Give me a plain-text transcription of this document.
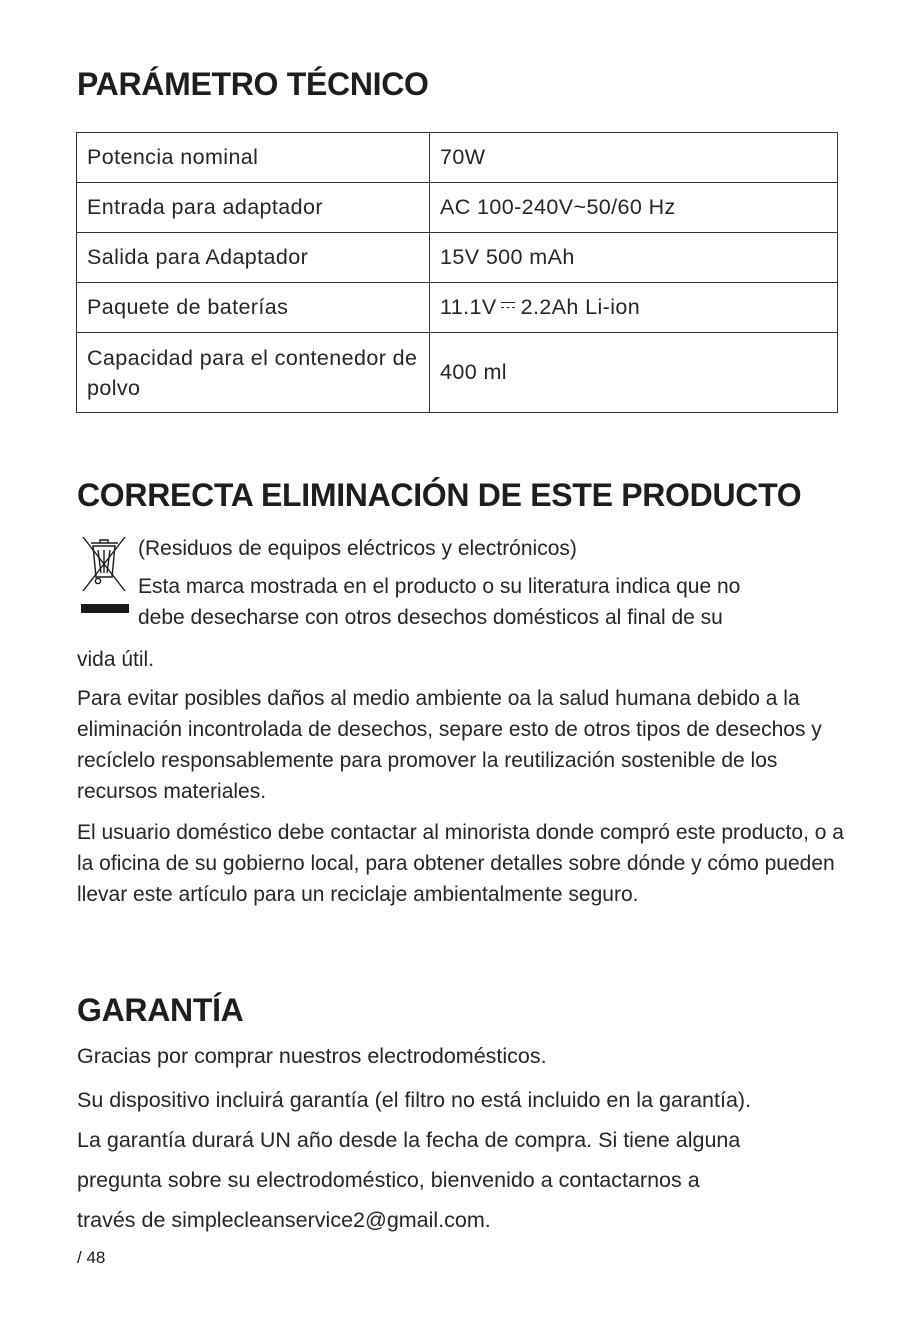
PARÁMETRO TÉCNICO
Potencia nominal	70W
Entrada para adaptador	AC 100-240V~50/60 Hz
Salida para Adaptador	15V 500 mAh
Paquete de baterías	11.1V 2.2Ah Li-ion
Capacidad para el contenedor de polvo	400 ml
CORRECTA ELIMINACIÓN DE ESTE PRODUCTO
(Residuos de equipos eléctricos y electrónicos)
Esta marca mostrada en el producto o su literatura indica que no
debe desecharse con otros desechos domésticos al final de su

vida útil.

Para evitar posibles daños al medio ambiente oa la salud humana debido a la eliminación incontrolada de desechos, separe esto de otros tipos de desechos y recíclelo responsablemente para promover la reutilización sostenible de los recursos materiales.

El usuario doméstico debe contactar al minorista donde compró este producto, o a la oficina de su gobierno local, para obtener detalles sobre dónde y cómo pueden llevar este artículo para un reciclaje ambientalmente seguro.

GARANTÍA

Gracias por comprar nuestros electrodomésticos.

Su dispositivo incluirá garantía (el filtro no está incluido en la garantía).

La garantía durará UN año desde la fecha de compra. Si tiene alguna

pregunta sobre su electrodoméstico, bienvenido a contactarnos a

través de simplecleanservice2@gmail.com.

/ 48
